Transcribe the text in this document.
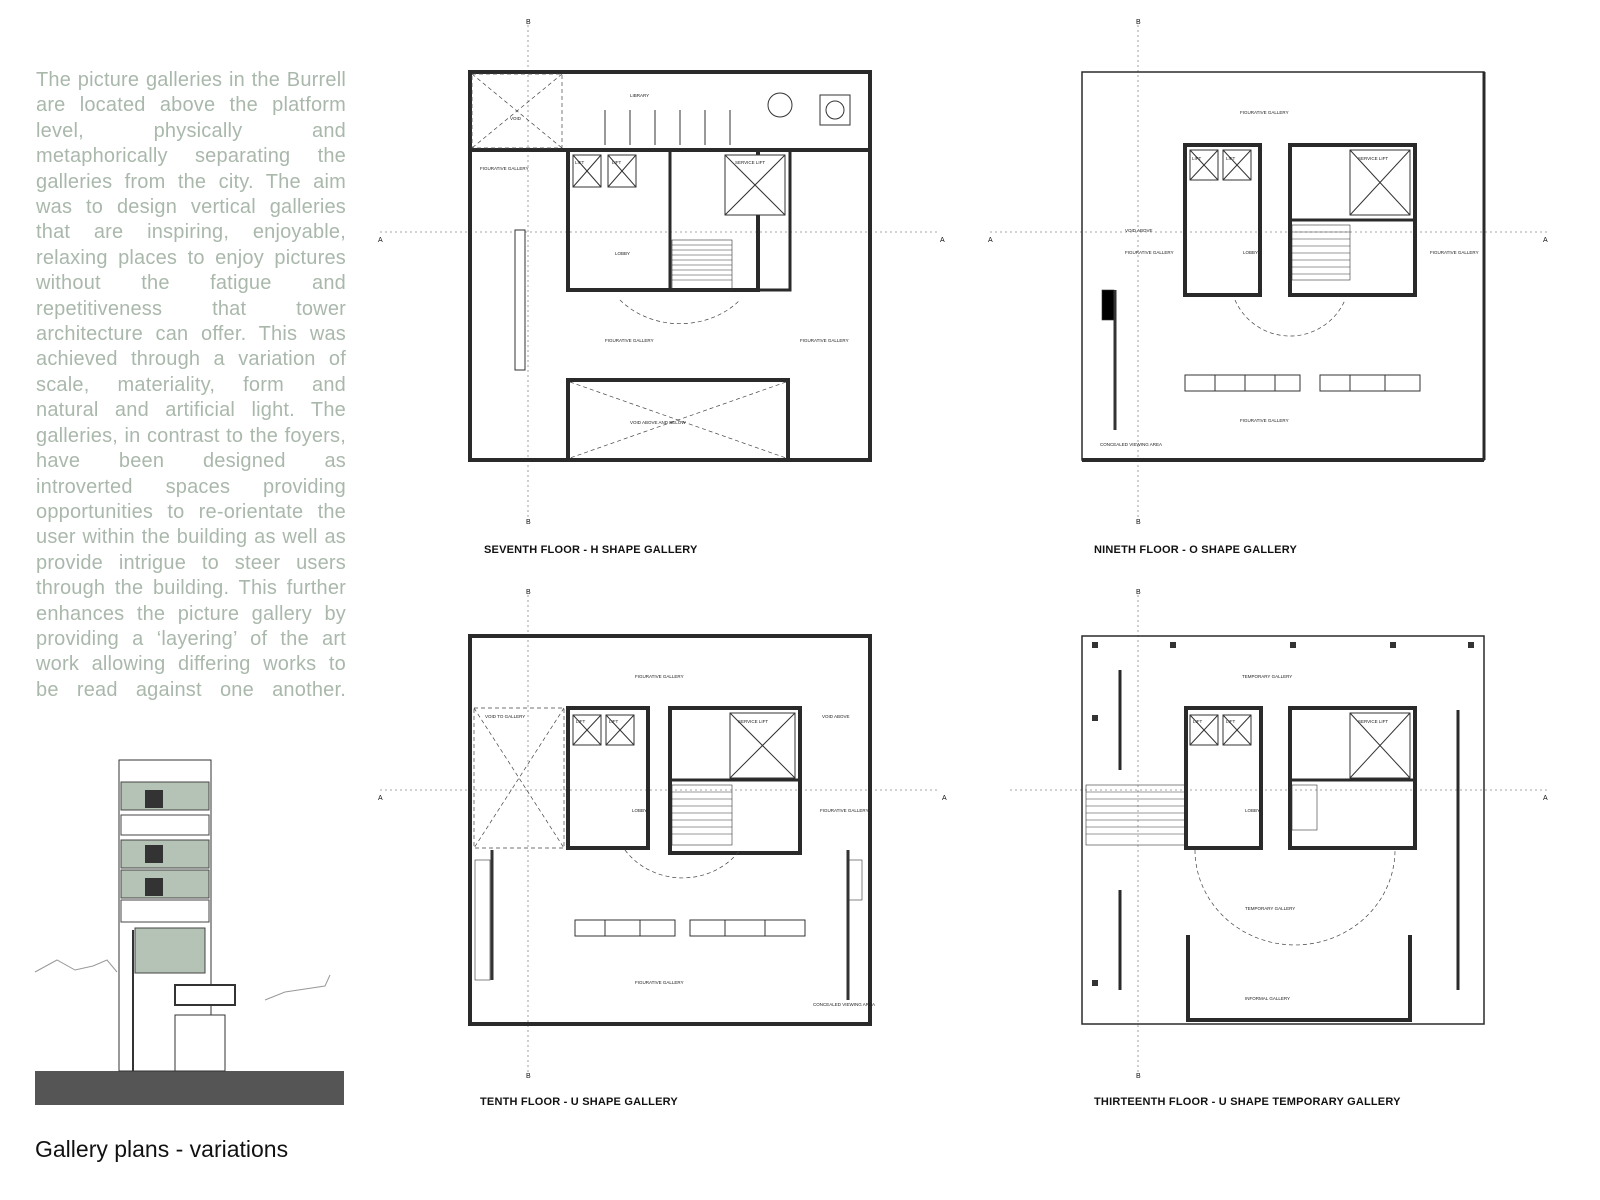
The picture galleries in the Burrell are located above the platform level, physically and metaphorically separating the galleries from the city. The aim was to design vertical galleries that are inspiring, enjoyable, relaxing places to enjoy pictures without the fatigue and repetitiveness that tower architecture can offer. This was achieved through a variation of scale, materiality, form and natural and artificial light. The galleries, in contrast to the foyers, have been designed as introverted spaces providing opportunities to re-orientate the user within the building as well as provide intrigue to steer users through the building. This further enhances the picture gallery by providing a ‘layering’ of the art work allowing differing works to be read against one another.
Gallery plans - variations
A	A
B
B
VOID
LIBRARY
FIGURATIVE GALLERY
LIFT	LIFT	SERVICE LIFT
LOBBY
FIGURATIVE GALLERY	FIGURATIVE GALLERY
VOID ABOVE AND BELOW
SEVENTH FLOOR - H SHAPE GALLERY
A	A
B
B
FIGURATIVE GALLERY
VOID ABOVE
FIGURATIVE GALLERY
LIFT	LIFT	SERVICE LIFT
LOBBY	FIGURATIVE GALLERY
FIGURATIVE GALLERY
CONCEALED VIEWING AREA
NINETH FLOOR - O SHAPE GALLERY
A	A
B
B
FIGURATIVE GALLERY
VOID TO GALLERY	VOID ABOVE
LIFT	LIFT	SERVICE LIFT
LOBBY	FIGURATIVE GALLERY
FIGURATIVE GALLERY
CONCEALED VIEWING AREA
TENTH FLOOR - U SHAPE GALLERY
A
B
B
TEMPORARY GALLERY
LIFT	LIFT	SERVICE LIFT
LOBBY
TEMPORARY GALLERY
INFORMAL GALLERY
THIRTEENTH FLOOR - U SHAPE TEMPORARY GALLERY
